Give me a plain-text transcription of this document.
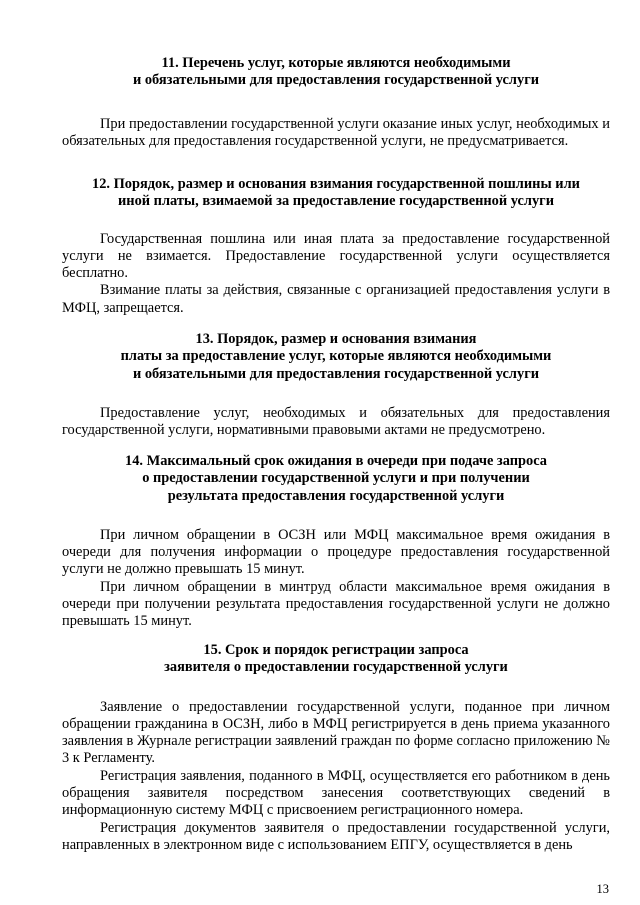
11. Перечень услуг, которые являются необходимыми
и обязательными для предоставления государственной услуги

При предоставлении государственной услуги оказание иных услуг, необходимых и обязательных для предоставления государственной услуги, не предусматривается.

12. Порядок, размер и основания взимания государственной пошлины или
иной платы, взимаемой за предоставление государственной услуги

Государственная пошлина или иная плата за предоставление государственной услуги не взимается. Предоставление государственной услуги осуществляется бесплатно.

Взимание платы за действия, связанные с организацией предоставления услуги в МФЦ, запрещается.

13. Порядок, размер и основания взимания
платы за предоставление услуг, которые являются необходимыми
и обязательными для предоставления государственной услуги

Предоставление услуг, необходимых и обязательных для предоставления государственной услуги, нормативными правовыми актами не предусмотрено.

14. Максимальный срок ожидания в очереди при подаче запроса
о предоставлении государственной услуги и при получении
результата предоставления государственной услуги

При личном обращении в ОСЗН или МФЦ максимальное время ожидания в очереди для получения информации о процедуре предоставления государственной услуги не должно превышать 15 минут.

При личном обращении в минтруд области максимальное время ожидания в очереди при получении результата предоставления государственной услуги не должно превышать 15 минут.

15. Срок и порядок регистрации запроса
заявителя о предоставлении государственной услуги

Заявление о предоставлении государственной услуги, поданное при личном обращении гражданина в ОСЗН, либо в МФЦ регистрируется в день приема указанного заявления в Журнале регистрации заявлений граждан по форме согласно приложению № 3 к Регламенту.

Регистрация заявления, поданного в МФЦ, осуществляется его работником в день обращения заявителя посредством занесения соответствующих сведений в информационную систему МФЦ с присвоением регистрационного номера.

Регистрация документов заявителя о предоставлении государственной услуги, направленных в электронном виде с использованием ЕПГУ, осуществляется в день

13
